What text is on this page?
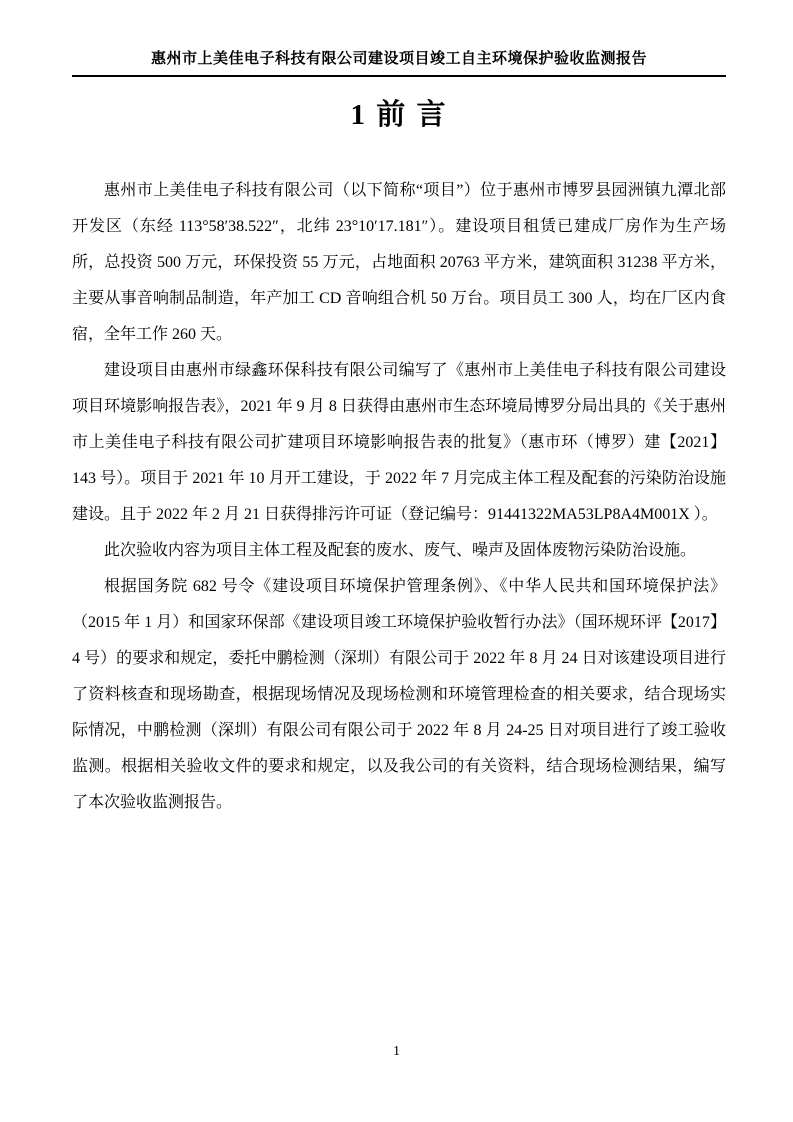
惠州市上美佳电子科技有限公司建设项目竣工自主环境保护验收监测报告
1 前 言

惠州市上美佳电子科技有限公司（以下简称“项目”）位于惠州市博罗县园洲镇九潭北部开发区（东经 113°58′38.522″，北纬 23°10′17.181″）。建设项目租赁已建成厂房作为生产场所，总投资 500 万元，环保投资 55 万元，占地面积 20763 平方米，建筑面积 31238 平方米，主要从事音响制品制造，年产加工 CD 音响组合机 50 万台。项目员工 300 人，均在厂区内食宿，全年工作 260 天。

建设项目由惠州市绿鑫环保科技有限公司编写了《惠州市上美佳电子科技有限公司建设项目环境影响报告表》，2021 年 9 月 8 日获得由惠州市生态环境局博罗分局出具的《关于惠州市上美佳电子科技有限公司扩建项目环境影响报告表的批复》（惠市环（博罗）建【2021】143 号）。项目于 2021 年 10 月开工建设，于 2022 年 7 月完成主体工程及配套的污染防治设施建设。且于 2022 年 2 月 21 日获得排污许可证（登记编号：91441322MA53LP8A4M001X ）。

此次验收内容为项目主体工程及配套的废水、废气、噪声及固体废物污染防治设施。

根据国务院 682 号令《建设项目环境保护管理条例》、《中华人民共和国环境保护法》（2015 年 1 月）和国家环保部《建设项目竣工环境保护验收暂行办法》（国环规环评【2017】4 号）的要求和规定，委托中鹏检测（深圳）有限公司于 2022 年 8 月 24 日对该建设项目进行了资料核查和现场勘查，根据现场情况及现场检测和环境管理检查的相关要求，结合现场实际情况，中鹏检测（深圳）有限公司有限公司于 2022 年 8 月 24-25 日对项目进行了竣工验收监测。根据相关验收文件的要求和规定，以及我公司的有关资料，结合现场检测结果，编写了本次验收监测报告。

1
